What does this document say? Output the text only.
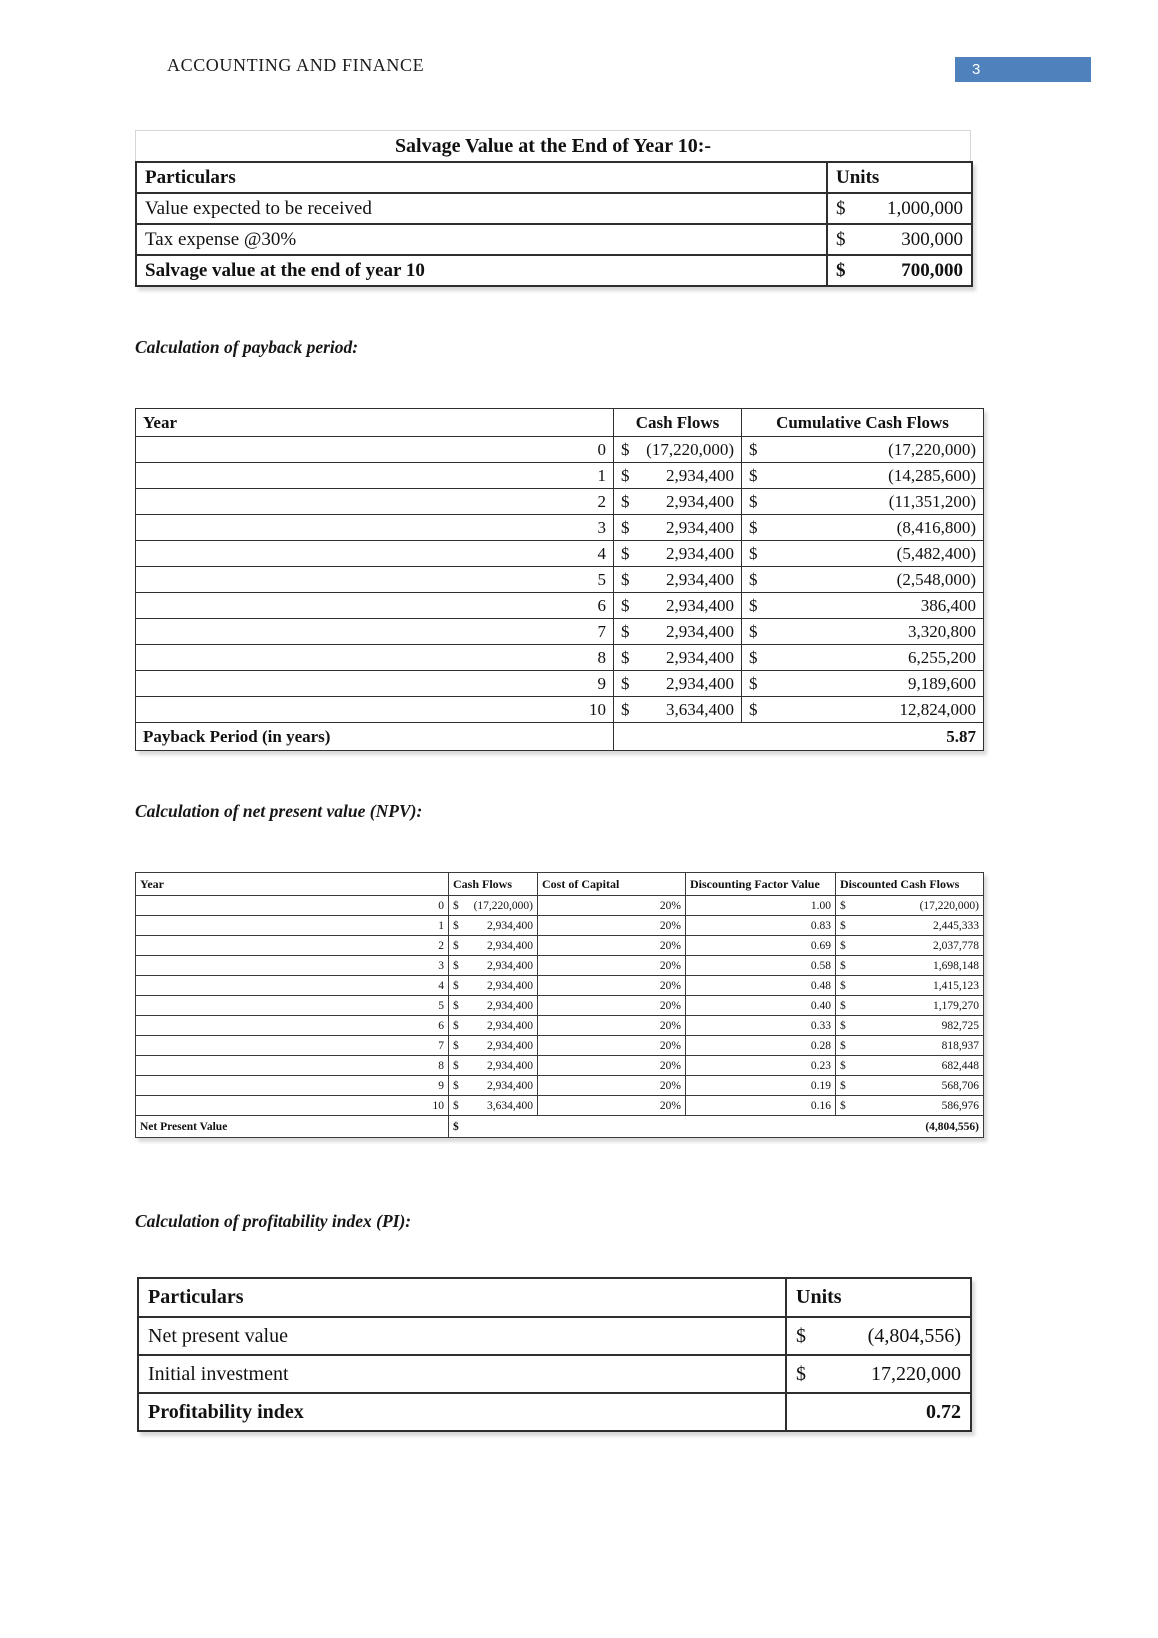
ACCOUNTING AND FINANCE	3
Salvage Value at the End of Year 10:-
Particulars	Units
Value expected to be received	$ 1,000,000

Tax expense @30%	$ 300,000

Salvage value at the end of year 10	$ 700,000
Calculation of payback period:
Year	Cash Flows	Cumulative Cash Flows
0	$ (17,220,000)	$ (17,220,000)

1	$ 2,934,400	$ (14,285,600)

2	$ 2,934,400	$ (11,351,200)

3	$ 2,934,400	$ (8,416,800)

4	$ 2,934,400	$ (5,482,400)

5	$ 2,934,400	$ (2,548,000)

6	$ 2,934,400	$ 386,400

7	$ 2,934,400	$ 3,320,800

8	$ 2,934,400	$ 6,255,200

9	$ 2,934,400	$ 9,189,600

10	$ 3,634,400	$ 12,824,000

Payback Period (in years)	5.87	
Calculation of net present value (NPV):
Year	Cash Flows	Cost of Capital	Discounting Factor Value	Discounted Cash Flows
0	$ (17,220,000)	20%	1.00	$ (17,220,000)

1	$ 2,934,400	20%	0.83	$ 2,445,333

2	$ 2,934,400	20%	0.69	$ 2,037,778

3	$ 2,934,400	20%	0.58	$ 1,698,148

4	$ 2,934,400	20%	0.48	$ 1,415,123

5	$ 2,934,400	20%	0.40	$ 1,179,270

6	$ 2,934,400	20%	0.33	$ 982,725

7	$ 2,934,400	20%	0.28	$ 818,937

8	$ 2,934,400	20%	0.23	$ 682,448

9	$ 2,934,400	20%	0.19	$ 568,706

10	$ 3,634,400	20%	0.16	$ 586,976

Net Present Value	$ (4,804,556)			
Calculation of profitability index (PI):
Particulars	Units
Net present value	$ (4,804,556)

Initial investment	$ 17,220,000

Profitability index	0.72
